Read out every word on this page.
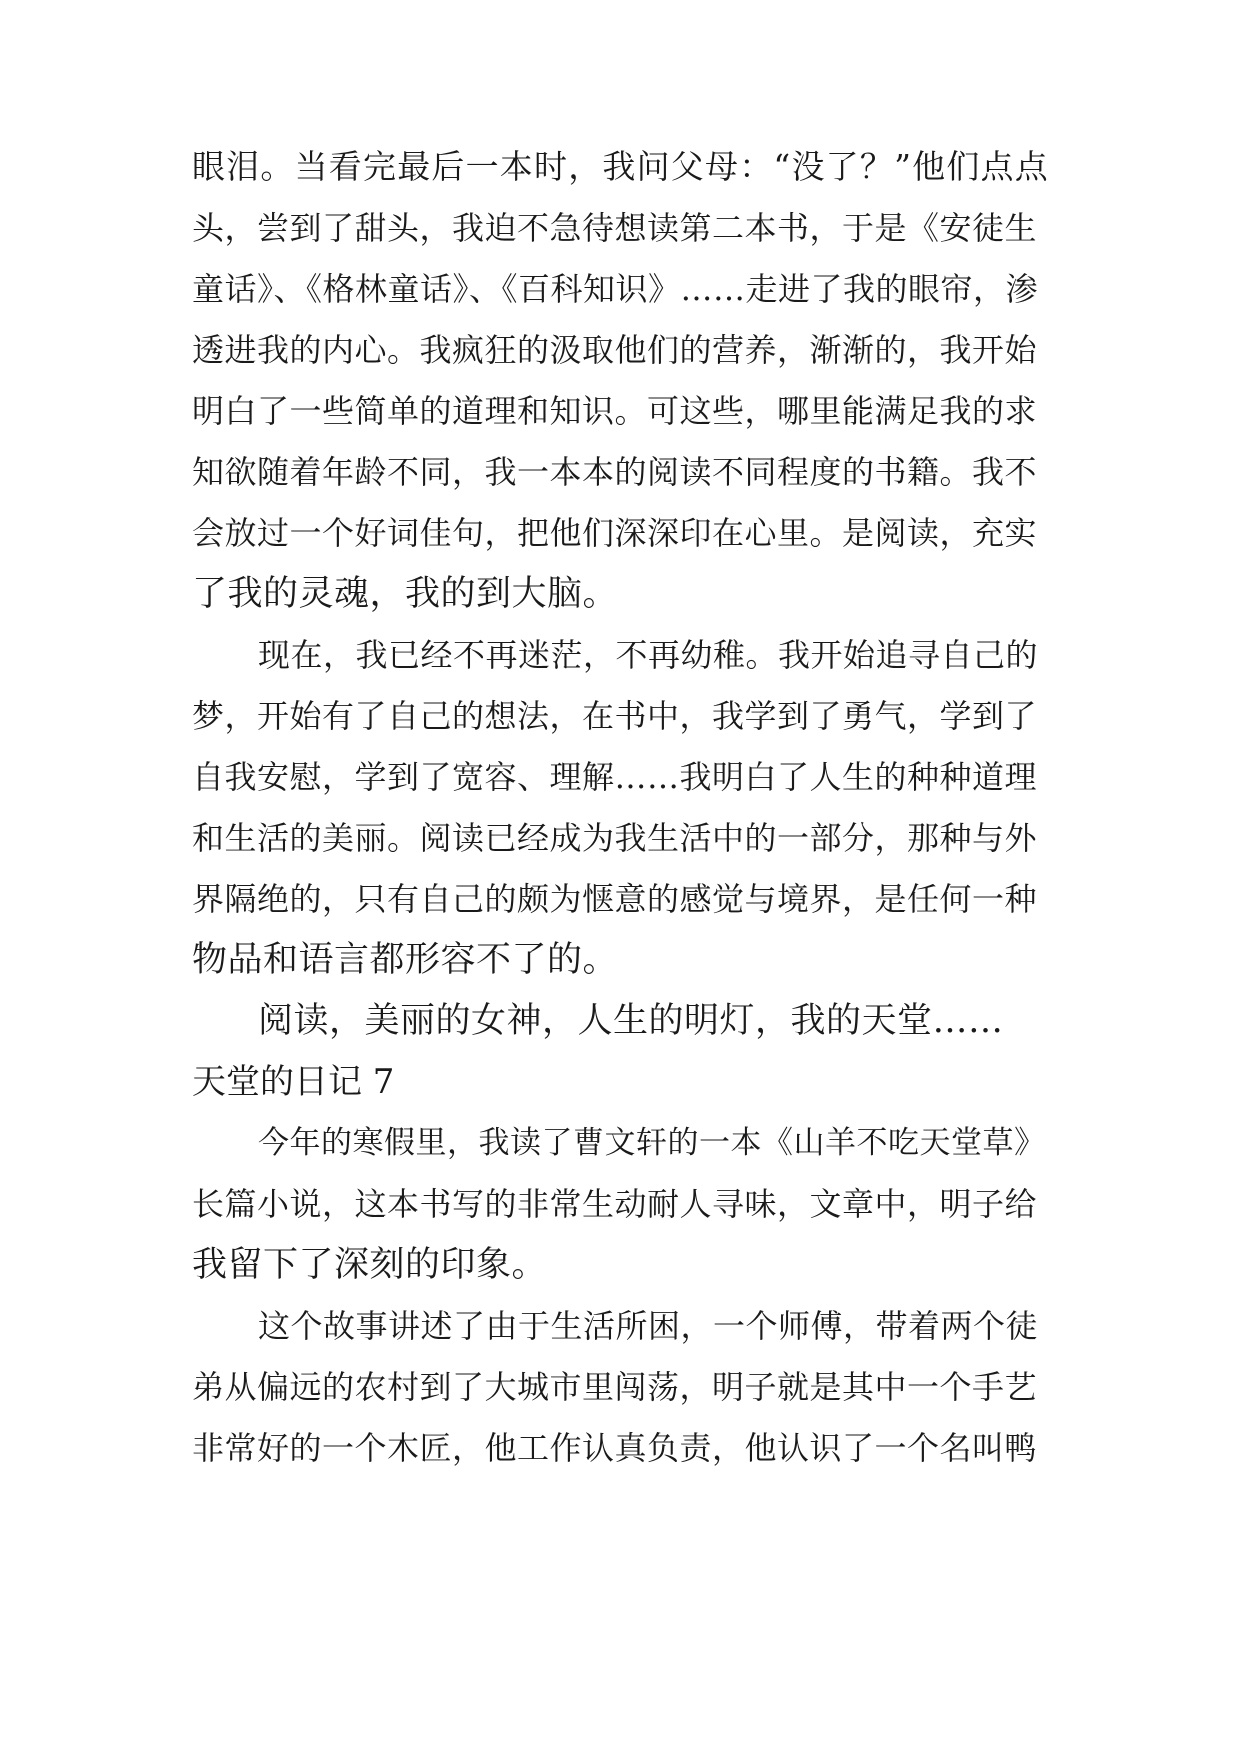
眼泪。当看完最后一本时，我问父母：“没了？”他们点点
头，尝到了甜头，我迫不急待想读第二本书，于是《安徒生
童话》、《格林童话》、《百科知识》……走进了我的眼帘，渗
透进我的内心。我疯狂的汲取他们的营养，渐渐的，我开始
明白了一些简单的道理和知识。可这些，哪里能满足我的求
知欲随着年龄不同，我一本本的阅读不同程度的书籍。我不
会放过一个好词佳句，把他们深深印在心里。是阅读，充实
了我的灵魂，我的到大脑。
现在，我已经不再迷茫，不再幼稚。我开始追寻自己的
梦，开始有了自己的想法，在书中，我学到了勇气，学到了
自我安慰，学到了宽容、理解……我明白了人生的种种道理
和生活的美丽。阅读已经成为我生活中的一部分，那种与外
界隔绝的，只有自己的颇为惬意的感觉与境界，是任何一种
物品和语言都形容不了的。
阅读，美丽的女神，人生的明灯，我的天堂……
天堂的日记 7
今年的寒假里，我读了曹文轩的一本《山羊不吃天堂草》
长篇小说，这本书写的非常生动耐人寻味，文章中，明子给
我留下了深刻的印象。
这个故事讲述了由于生活所困，一个师傅，带着两个徒
弟从偏远的农村到了大城市里闯荡，明子就是其中一个手艺
非常好的一个木匠，他工作认真负责，他认识了一个名叫鸭
